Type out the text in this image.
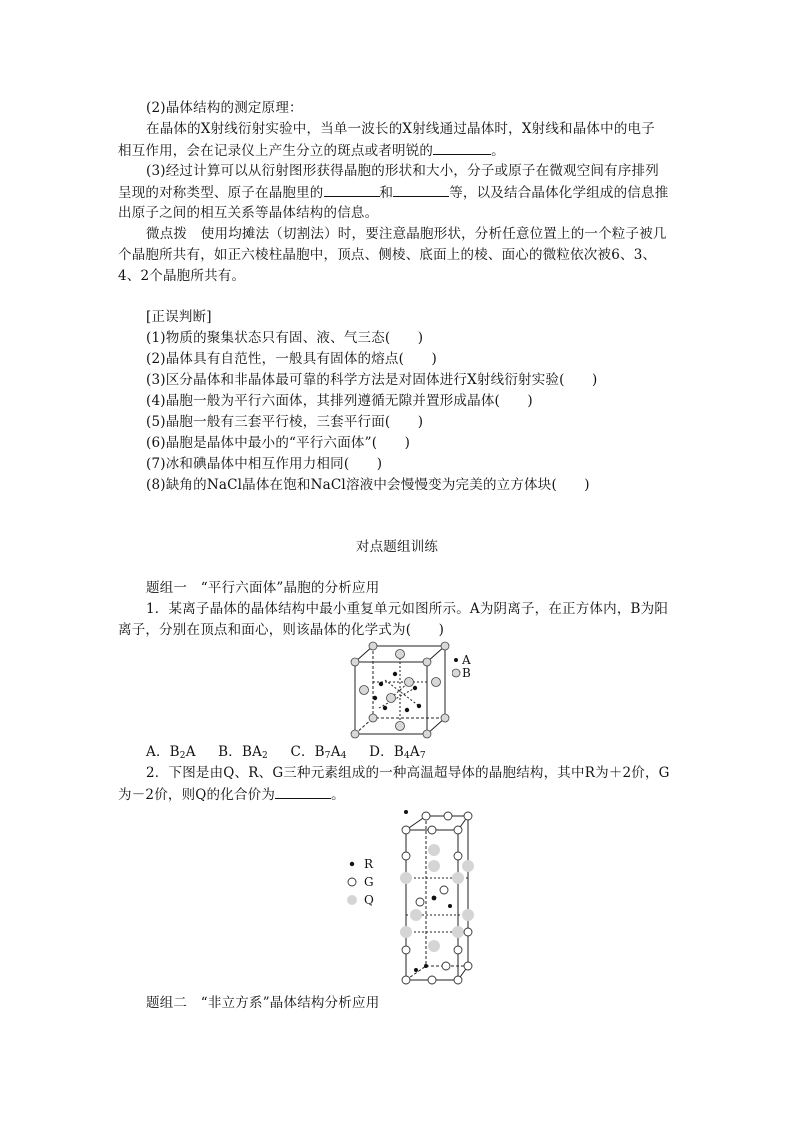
(2)晶体结构的测定原理：
在晶体的X射线衍射实验中，当单一波长的X射线通过晶体时，X射线和晶体中的电子
相互作用，会在记录仪上产生分立的斑点或者明锐的	。
(3)经过计算可以从衍射图形获得晶胞的形状和大小，分子或原子在微观空间有序排列
呈现的对称类型、原子在晶胞里的	和	等，以及结合晶体化学组成的信息推
出原子之间的相互关系等晶体结构的信息。
微点拨　使用均摊法（切割法）时，要注意晶胞形状，分析任意位置上的一个粒子被几
个晶胞所共有，如正六棱柱晶胞中，顶点、侧棱、底面上的棱、面心的微粒依次被6、3、
4、2个晶胞所共有。
[正误判断]
(1)物质的聚集状态只有固、液、气三态(　　)
(2)晶体具有自范性，一般具有固体的熔点(　　)
(3)区分晶体和非晶体最可靠的科学方法是对固体进行X射线衍射实验(　　)
(4)晶胞一般为平行六面体，其排列遵循无隙并置形成晶体(　　)
(5)晶胞一般有三套平行棱，三套平行面(　　)
(6)晶胞是晶体中最小的“平行六面体”(　　)
(7)冰和碘晶体中相互作用力相同(　　)
(8)缺角的NaCl晶体在饱和NaCl溶液中会慢慢变为完美的立方体块(　　)
对点题组训练
题组一　“平行六面体”晶胞的分析应用
1．某离子晶体的晶体结构中最小重复单元如图所示。A为阴离子，在正方体内，B为阳
离子，分别在顶点和面心，则该晶体的化学式为(　　)
A
B
A．$B_2A$ B．$BA_2$ C．$B_7A_4$ D．$B_4A_7$
2．下图是由Q、R、G三种元素组成的一种高温超导体的晶胞结构，其中R为＋2价，G
为－2价，则Q的化合价为	。
R
G
Q
题组二　“非立方系”晶体结构分析应用
